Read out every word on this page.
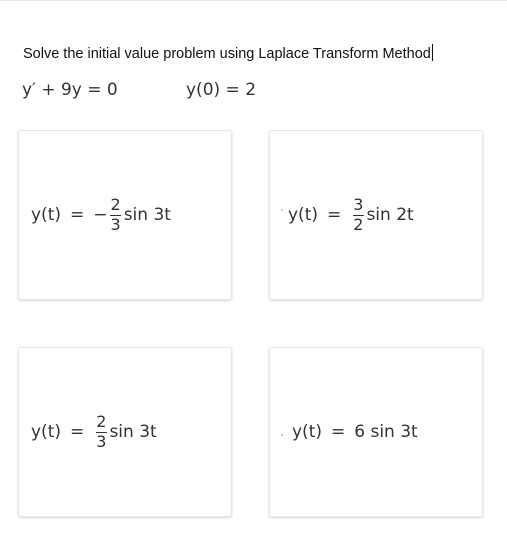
Solve the initial value problem using Laplace Transform Method
y′ + 9y = 0	y(0) = 2
y(t) = − $\frac{2}{3}$ sin 3t	$y(t) = \frac{3}{2}$ sin 2t
$y(t) = \frac{2}{3}$ sin 3t	y(t) = 6 sin 3t
